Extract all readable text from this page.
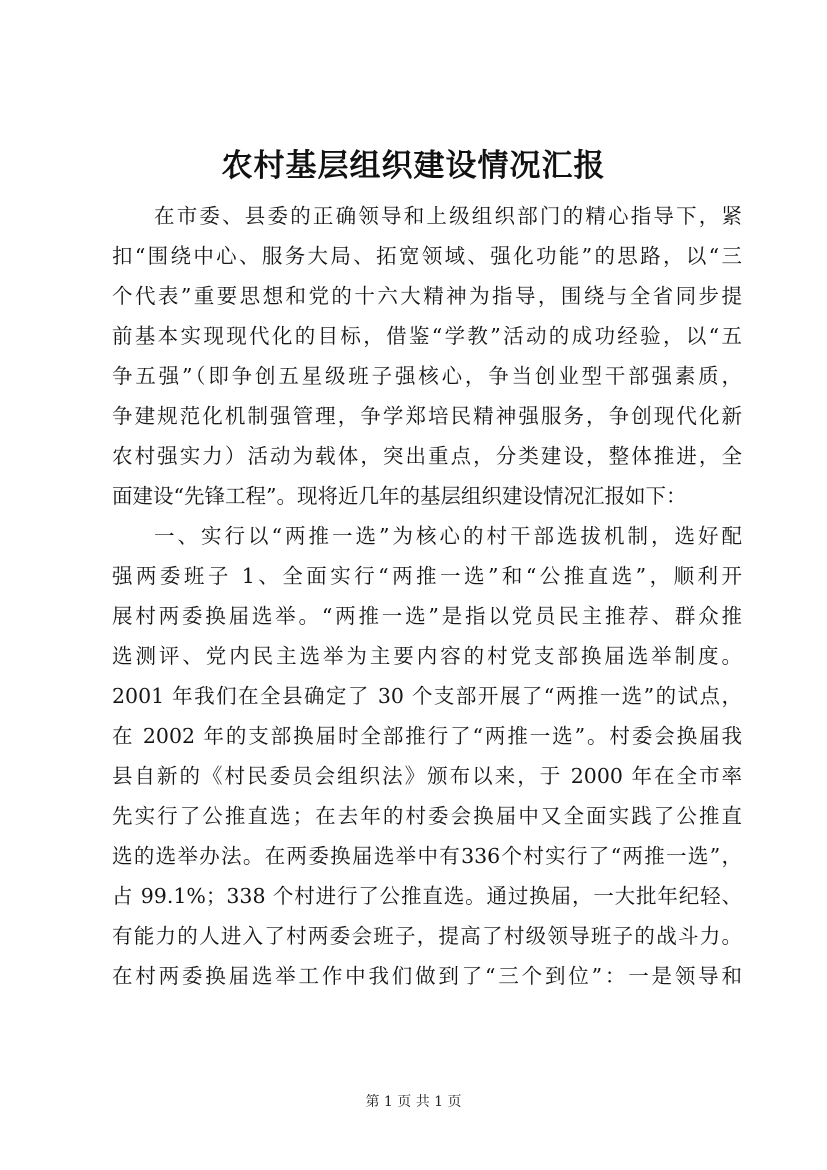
农村基层组织建设情况汇报
在市委、县委的正确领导和上级组织部门的精心指导下，紧
扣“围绕中心、服务大局、拓宽领域、强化功能”的思路，以“三
个代表”重要思想和党的十六大精神为指导，围绕与全省同步提
前基本实现现代化的目标，借鉴“学教”活动的成功经验，以“五
争五强”（即争创五星级班子强核心，争当创业型干部强素质，
争建规范化机制强管理，争学郑培民精神强服务，争创现代化新
农村强实力）活动为载体，突出重点，分类建设，整体推进，全
面建设“先锋工程”。现将近几年的基层组织建设情况汇报如下：
一、实行以“两推一选”为核心的村干部选拔机制，选好配
强两委班子 1、全面实行“两推一选”和“公推直选”，顺利开
展村两委换届选举。“两推一选”是指以党员民主推荐、群众推
选测评、党内民主选举为主要内容的村党支部换届选举制度。
2001 年我们在全县确定了 30 个支部开展了“两推一选”的试点，
在 2002 年的支部换届时全部推行了“两推一选”。村委会换届我
县自新的《村民委员会组织法》颁布以来，于 2000 年在全市率
先实行了公推直选；在去年的村委会换届中又全面实践了公推直
选的选举办法。在两委换届选举中有336个村实行了“两推一选”，
占 99.1%；338 个村进行了公推直选。通过换届，一大批年纪轻、
有能力的人进入了村两委会班子，提高了村级领导班子的战斗力。
在村两委换届选举工作中我们做到了“三个到位”：一是领导和
第 1 页 共 1 页
